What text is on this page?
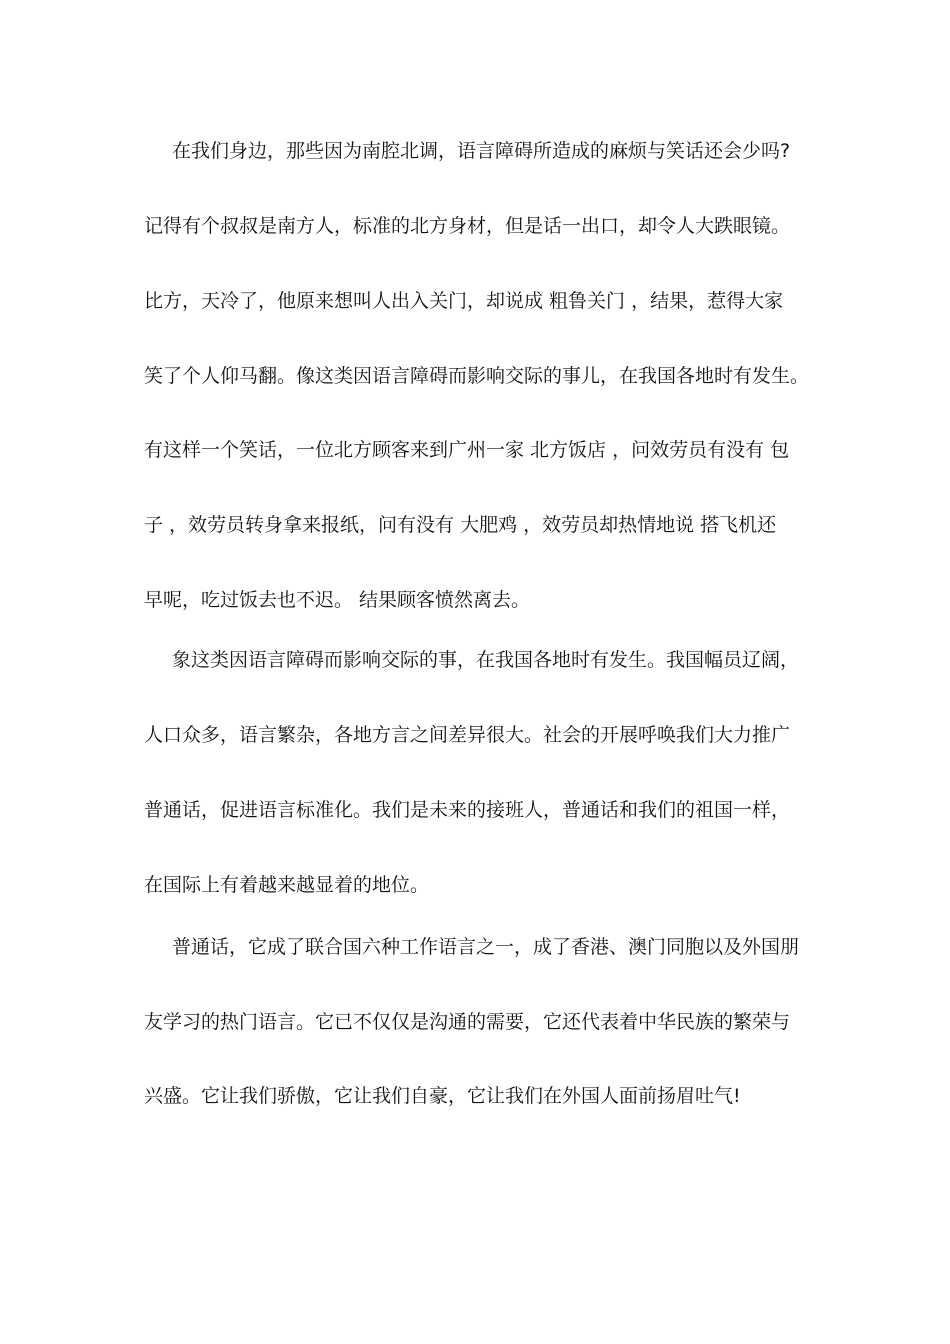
在我们身边，那些因为南腔北调，语言障碍所造成的麻烦与笑话还会少吗?
记得有个叔叔是南方人，标准的北方身材，但是话一出口，却令人大跌眼镜。
比方，天冷了，他原来想叫人出入关门，却说成 粗鲁关门 ，结果，惹得大家
笑了个人仰马翻。像这类因语言障碍而影响交际的事儿，在我国各地时有发生。
有这样一个笑话，一位北方顾客来到广州一家 北方饭店 ，问效劳员有没有 包
子 ，效劳员转身拿来报纸，问有没有 大肥鸡 ，效劳员却热情地说 搭飞机还
早呢，吃过饭去也不迟。 结果顾客愤然离去。
象这类因语言障碍而影响交际的事，在我国各地时有发生。我国幅员辽阔，
人口众多，语言繁杂，各地方言之间差异很大。社会的开展呼唤我们大力推广
普通话，促进语言标准化。我们是未来的接班人，普通话和我们的祖国一样，
在国际上有着越来越显着的地位。
普通话，它成了联合国六种工作语言之一，成了香港、澳门同胞以及外国朋
友学习的热门语言。它已不仅仅是沟通的需要，它还代表着中华民族的繁荣与
兴盛。它让我们骄傲，它让我们自豪，它让我们在外国人面前扬眉吐气!
